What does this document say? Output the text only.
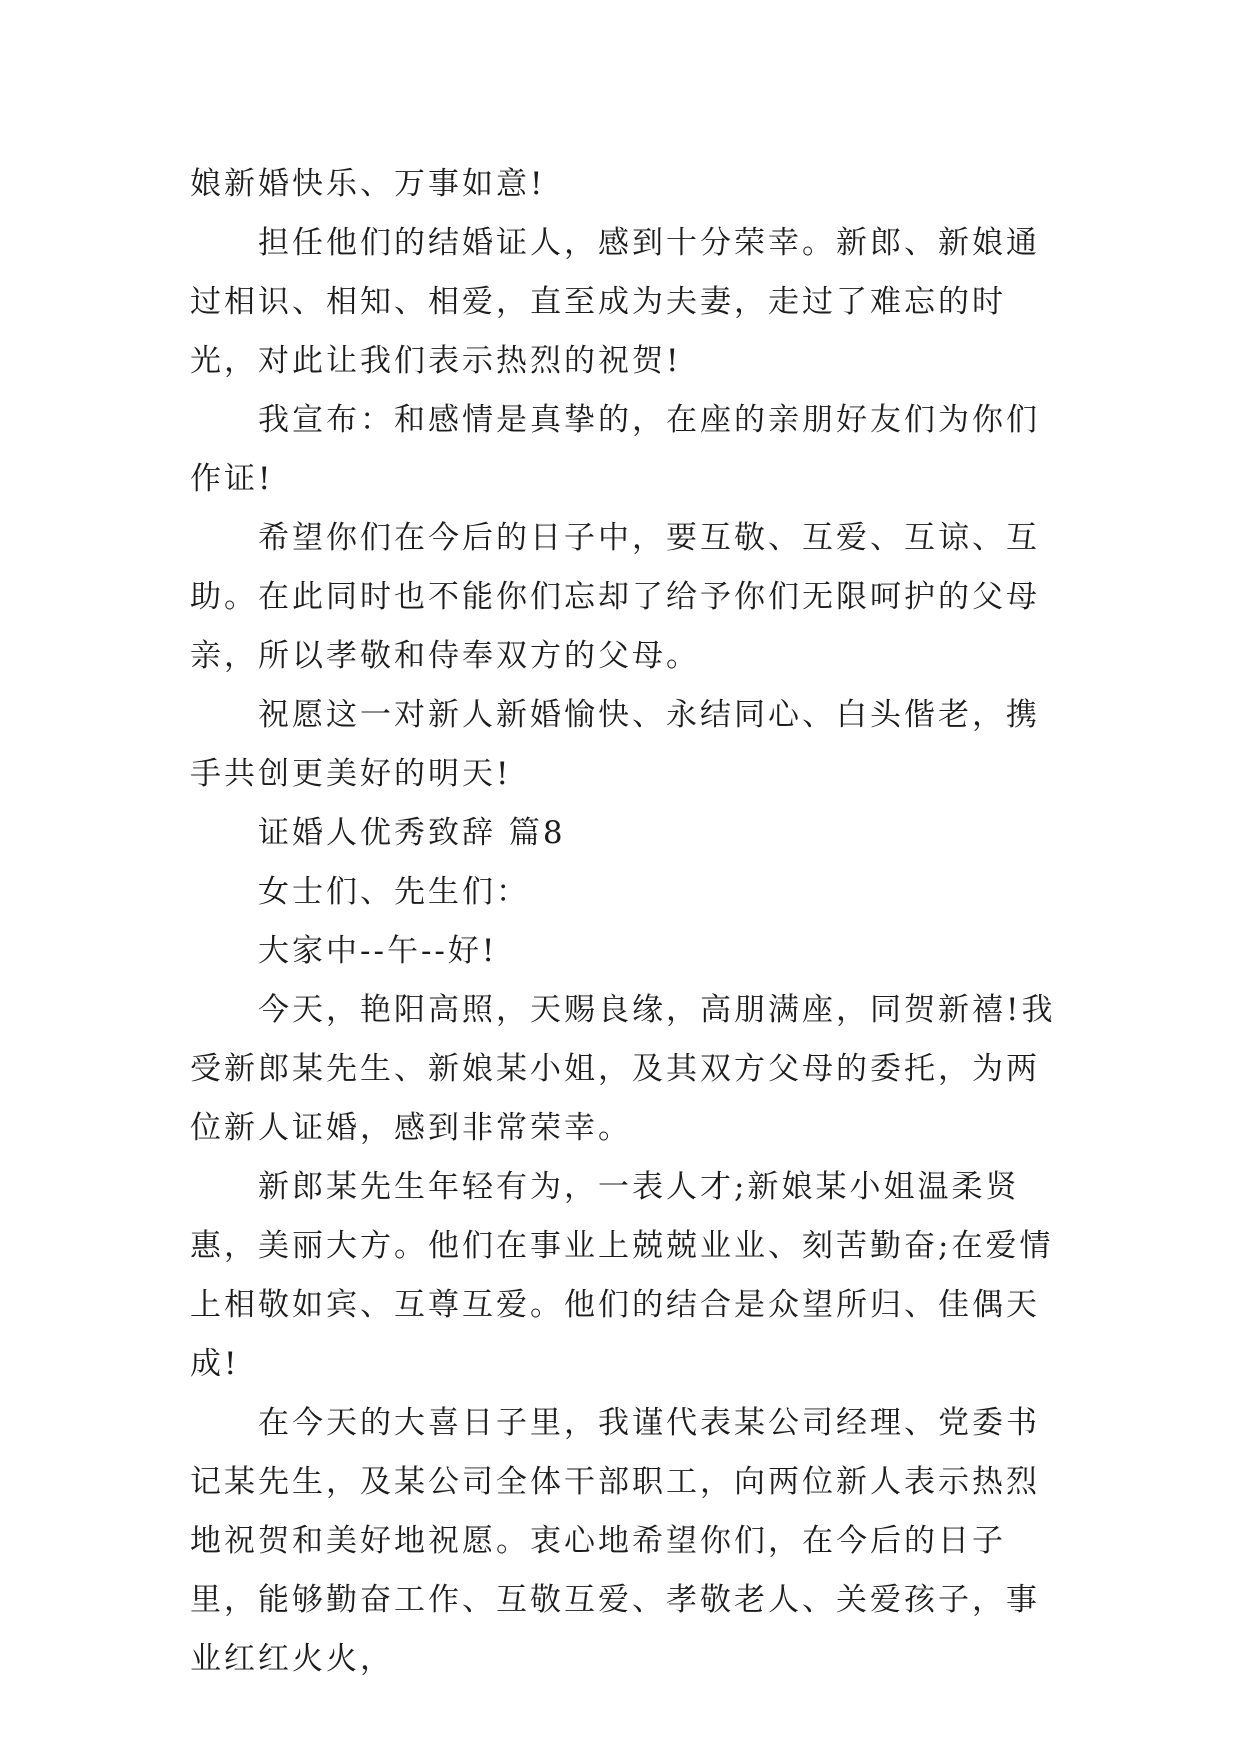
娘新婚快乐、万事如意!

担任他们的结婚证人，感到十分荣幸。新郎、新娘通过相识、相知、相爱，直至成为夫妻，走过了难忘的时光，对此让我们表示热烈的祝贺!

我宣布：和感情是真挚的，在座的亲朋好友们为你们作证!

希望你们在今后的日子中，要互敬、互爱、互谅、互助。在此同时也不能你们忘却了给予你们无限呵护的父母亲，所以孝敬和侍奉双方的父母。

祝愿这一对新人新婚愉快、永结同心、白头偕老，携手共创更美好的明天!

证婚人优秀致辞 篇8

女士们、先生们：

大家中--午--好!

今天，艳阳高照，天赐良缘，高朋满座，同贺新禧!我受新郎某先生、新娘某小姐，及其双方父母的委托，为两位新人证婚，感到非常荣幸。

新郎某先生年轻有为，一表人才;新娘某小姐温柔贤惠，美丽大方。他们在事业上兢兢业业、刻苦勤奋;在爱情上相敬如宾、互尊互爱。他们的结合是众望所归、佳偶天成!

在今天的大喜日子里，我谨代表某公司经理、党委书记某先生，及某公司全体干部职工，向两位新人表示热烈地祝贺和美好地祝愿。衷心地希望你们，在今后的日子里，能够勤奋工作、互敬互爱、孝敬老人、关爱孩子，事业红红火火，
